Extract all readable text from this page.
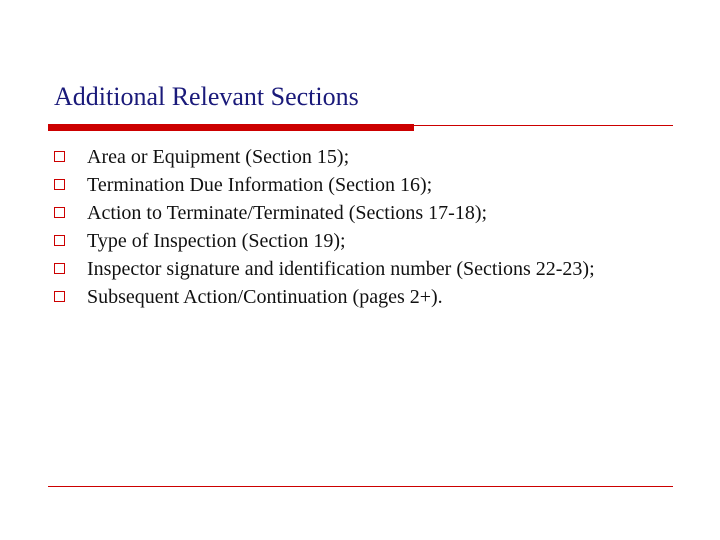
Additional Relevant Sections
Area or Equipment (Section 15);
Termination Due Information (Section 16);
Action to Terminate/Terminated (Sections 17-18);
Type of Inspection (Section 19);
Inspector signature and identification number (Sections 22-23);
Subsequent Action/Continuation (pages 2+).
